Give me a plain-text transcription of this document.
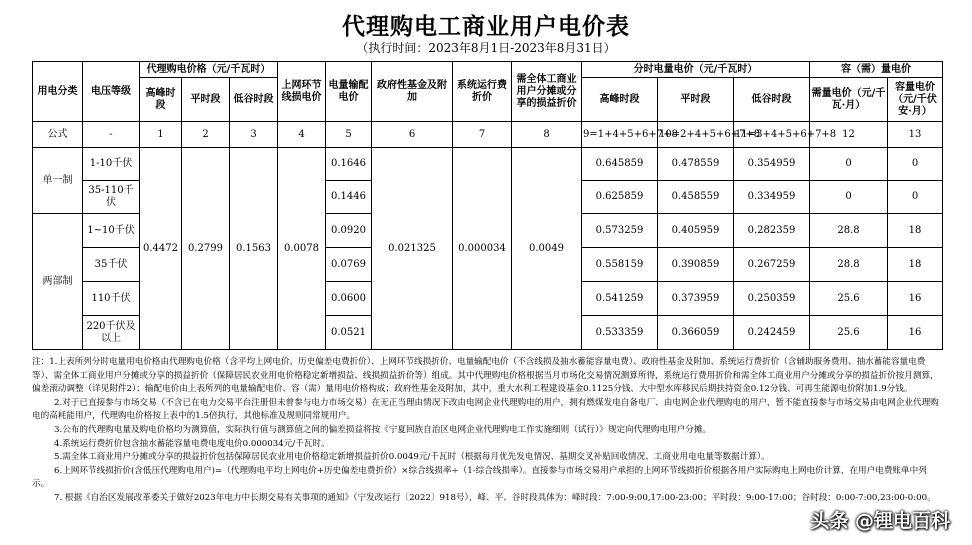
代理购电工商业用户电价表
（执行时间：2023年8月1日-2023年8月31日）
用电分类	电压等级	代理购电价格（元/千瓦时）			上网环节线损电价	电量输配电价	政府性基金及附加	系统运行费折价	需全体工商业用户分摊或分享的损益折价	分时电量电价（元/千瓦时）			容（需）量电价	
		高峰时段	平时段	低谷时段						高峰时段	平时段	低谷时段	需量电价（元/千瓦·月）	容量电价（元/千伏安·月）
公式	-	1	2	3	4	5	6	7	8	9=1+4+5+6+7+8	10=2+4+5+6+7+8	11=3+4+5+6+7+8	12	13
单一制	1-10千伏	0.4472	0.2799	0.1563	0.0078	0.1646	0.021325	0.000034	0.0049	0.645859	0.478559	0.354959	0	0
	35-110千伏					0.1446				0.625859	0.458559	0.334959	0	0
两部制	1~10千伏					0.0920				0.573259	0.405959	0.282359	28.8	18
	35千伏					0.0769				0.558159	0.390859	0.267259	28.8	18
	110千伏					0.0600				0.541259	0.373959	0.250359	25.6	16
	220千伏及以上					0.0521				0.533359	0.366059	0.242459	25.6	16

注：1.上表所列分时电量用电价格由代理购电价格（含平均上网电价、历史偏差电费折价）、上网环节线损折价、电量输配电价（不含线损及抽水蓄能容量电费）、政府性基金及附加、系统运行费折价（含辅助服务费用、抽水蓄能容量电费等）、需全体工商业用户分摊或分享的损益折价（保障居民农业用电价格稳定新增损益、线损损益折价等）组成。其中代理购电价格根据当月市场化交易情况测算所得，系统运行费用折价和需全体工商业用户分摊或分享的损益折价按月测算，偏差滚动调整（详见附件2）；输配电价由上表所列的电量输配电价、容（需）量用电价格构成；政府性基金及附加，其中，重大水利工程建设基金0.1125分钱、大中型水库移民后期扶持资金0.12分钱、可再生能源电价附加1.9分钱。

2.对于已直接参与市场交易（不含已在电力交易平台注册但未曾参与电力市场交易）在无正当理由情况下改由电网企业代理购电的用户，拥有燃煤发电自备电厂、由电网企业代理购电的用户，暂不能直接参与市场交易由电网企业代理购电的高耗能用户，代理购电价格按上表中的1.5倍执行，其他标准及规则同常规用户。

3.公布的代理购电量及购电价格均为测算值，实际执行值与测算值之间的偏差损益将按《宁夏回族自治区电网企业代理购电工作实施细则（试行）》规定向代理购电用户分摊。

4.系统运行费折价包含抽水蓄能容量电费电度电价0.000034元/千瓦时。

5.需全体工商业用户分摊或分享的损益折价包括保障居民农业用电价格稳定新增损益折价0.0049元/千瓦时（根据每月优先发电情况、基期交叉补贴回收情况、工商业用电电量等数据计算）。

6.上网环节线损折价(含低压代理购电用户)=（代理购电平均上网电价+历史偏差电费折价）×综合线损率÷（1-综合线损率）。直接参与市场交易用户承担的上网环节线损折价根据各用户实际购电上网电价计算，在用户电费账单中列示。

7. 根据《自治区发展改革委关于做好2023年电力中长期交易有关事项的通知》（宁发改运行〔2022〕918号），峰、平、谷时段具体为：峰时段：7:00-9:00,17:00-23:00；平时段：9:00-17:00；谷时段：0:00-7:00,23:00-0:00。

头条 @锂电百科
